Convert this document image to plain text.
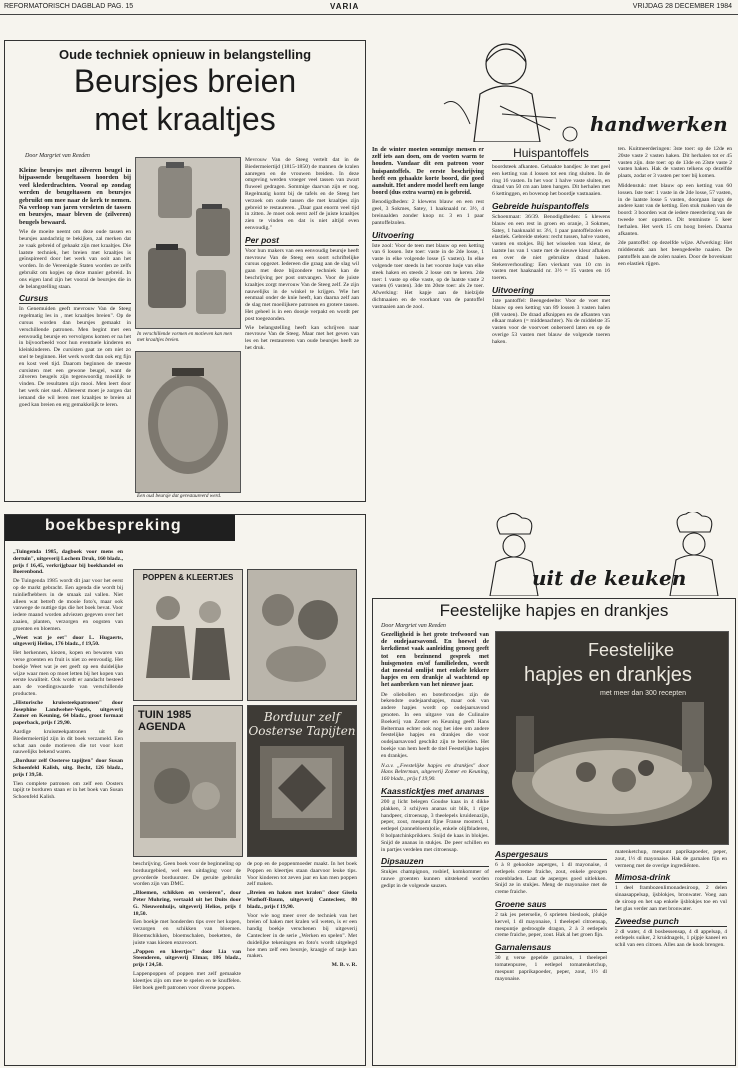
REFORMATORISCH DAGBLAD PAG. 15	VARIA	VRIJDAG 28 DECEMBER 1984
Oude techniek opnieuw in belangstelling
Beursjes breien
met kraaltjes
Door Margriet van Reeden
Kleine beursjes met zilveren beugel in bijpassende beugeltassen hoorden bij veel klederdrachten. Vooral op zondag werden de beugeltassen en beursjes gebruikt om mee naar de kerk te nemen. Na verloop van jaren versleten de tassen en beursjes, maar bleven de (zilveren) beugels bewaard.
Wie de moeite neemt om deze oude tassen en beursjes aandachtig te bekijken, zal merken dat ze vaak gebreid of gehaakt zijn met kraaltjes. Die laatste techniek, het breien met kraaltjes is geïnspireerd door het werk van ooit aan het worden. In de Vereenigde Staten worden ze zelfs gebruikt om kopjes op deze manier gebreid. In ons eigen land zijn het vooral de beursjes die in de belangstelling staan.
Cursus
In Genemuiden geeft mevrouw Van de Steeg regelmatig les in , met kraaltjes breien". Op de cursus worden dan beursjes gemaakt in verschillende patronen. Men begint met een eenvoudig beursje en vervolgens komen er na het in bijvoorbeeld voor hun eventuele kinderen en kleinkinderen. De cursisten gaat ze om niet zo snel te beginnen. Het werk wordt dan ook erg fijn en kost veel tijd. Daarom beginnen de meeste cursisten met een gewone beugel, want de zilveren beugels zijn tegenwoordig moeilijk te vinden. De resultaten zijn mooi. Men leert door het werk niet snel. Allereerst moet je zorgen dat iemand die wil leren met kraaltjes te breien al goed kan breien en erg gemakkelijk te leren.
In verschillende vormen en motieven kan men met kraaltjes breien.
Een oud beursje dat gerestaureerd werd.
Mevrouw Van de Steeg vertelt dat in de Biedermeiertijd (1815-1850) de mannen de kralen aanregen en de vrouwen breiden. In deze omgeving werden vroeger veel tassen van zwart fluweel gedragen. Sommige daarvan zijn er nog. Regelmatig komt bij de tafels en de Steeg het verzoek om oude tassen die met kraaltjes zijn gebreid te restaureren. „Daar gaat enorm veel tijd in zitten. Je moet ook eerst zelf de juiste kraaltjes zien te vinden en dat is niet altijd even eenvoudig."
Per post
Voor hun makers van een eenvoudig beursje heeft mevrouw Van de Steeg een soort schriftelijke cursus opgezet. Iedereen die graag aan de slag wil gaan met deze bijzondere techniek kan de beschrijving per post ontvangen. Voor de juiste kraaltjes zorgt mevrouw Van de Steeg zelf. Ze zijn nauwelijks in de winkel te krijgen. Wie het eenmaal onder de knie heeft, kan daarna zelf aan de slag met moeilijkere patronen en grotere tassen. Het geheel is in een doosje verpakt en wordt per post toegezonden.
Wie belangstelling heeft kan schrijven naar mevrouw Van de Steeg. Maar met het geven van les en het restaureren van oude beursjes heeft ze het druk.
handwerken
In de winter moeten sommige mensen er zelf iets aan doen, om de voeten warm te houden. Vandaar dit een patroon voor huispantoffels. De eerste beschrijving heeft een gehaakte korte boord, die goed aansluit. Het andere model heeft een lange boord (dus extra warm) en is gebreid.
Benodigdheden: 2 klewens blauw en een rest geel, 3 Sokmes, Satey, 1 haaknaald nr. 3½, 4 breinaalden zonder knop nr. 3 en 1 paar pantoffelzolen.
Uitvoering
Iste zool: Voor de teen met blauw op een ketting van 6 lossen. Iste toer: vaste in de 2de losse, 1 vaste in elke volgende losse (5 vasten). In elke volgende toer steeds in het voorste lusje van elke steek haken en steeds 2 losse om te keren. 2de toer: 1 vaste op elke vaste, op de laatste vaste 2 vasten (6 vasten). 3de tm 20ste toer: als 2e toer. Afwerking: Het kapje aan de hielzijde dichtnaaien en de voorkant van de pantoffel vastnaaien aan de zool.
Huispantoffels
boordsteek afkanten. Gehaakte bandjes: Je met geel een ketting van 4 lossen tot een ring sluiten. In de ring 16 vasten. In het voor 1 halve vaste sluiten, en draad van 50 cm aan laten hangen. Dit herhalen met 6 kettinggen, en bovenop het boordje vastnaaien.
Gebreide huispantoffels
Schoenmaat: 36/39. Benodigdheden: 5 klewens blauw en een rest in groen en oranje, 3 Sokmes, Satey, 1 haaknaald nr. 3½, 1 paar pantoffelzolen en elastiek. Gebreide steken: recht tussen, halve vasten, vasten en stokjes. Bij het wisselen van kleur, de laatste lus van 1 vaste met de nieuwe kleur afhaken en over de niet gebruikte draad haken. Stekenverhouding: Een vierkant van 10 cm in vasten met haaknaald nr. 3½ = 15 vasten en 16 toeren.
Uitvoering
1ste pantoffel: Beengedeelte: Voor de voet met blauw op een ketting van 89 lossen 3 vasten halen (88 vasten). De draad afknippen en de afkanten van elkaar maken (= middenachter). Nu de middelste 35 vasten voor de voorvoet onberoerd laten en op de overige 53 vasten met blauw de volgende toeren haken.
ten. Kuitmeerderingen: 3ste toer: op de 12de en 20ste vaste 2 vasten haken. Dit herhalen tot er 45 vasten zijn. 4ste toer: op de 13de en 23ste vaste 2 vasten haken. Hak de vasten telkens op dezelfde plaats, zodat er 3 vasten per toer bij komen.
Middenstuk: met blauw op een ketting van 60 lossen. Iste toer: 1 vaste in de 2de losse, 57 vasten, in de laatste losse 5 vasten, doorgaan langs de andere kant van de ketting. Een stuk maken van de boord: 3 boorden wat de iedere meerdering van de tweede toer opzetten. Dit tenminste 5 keer herhalen. Het werk 15 cm hoog breien. Daarna afkanten.
2de pantoffel: op dezelfde wijze. Afwerking: Het middenstuk aan het beengedeelte naaien. De pantoffels aan de zolen naaien. Door de bovenkant een elastiek rijgen.
boekbespreking
„Tuingenda 1985, dagboek voor mens en dertuin", uitgeverij Lochem Druk, 160 bladz., prijs f 16,45, verkrijgbaar bij boekhandel en Boerenbond.
De Tuingenda 1985 wordt dit jaar voor het eerst op de markt gebracht. Een agenda die wordt bij tuinliefhebbers in de smaak zal vallen. Niet alleen wat betreft de mooie foto's, maar ook vanwege de nuttige tips die het boek bevat. Voor iedere maand worden adviezen gegeven over het zaaien, planten, verzorgen en oogsten van groenten en bloemen.
„Weet wat je eet" door L. Hugaerts, uitgeverij Helios, 176 bladz., f 19,50.
Het herkennen, kiezen, kopen en bewaren van verse groenten en fruit is niet zo eenvoudig. Het boekje Weet wat je eet geeft op een duidelijke wijze waar men op moet letten bij het kopen van eerste kwaliteit. Ook wordt er aandacht besteed aan de voedingswaarde van verschillende producten.
„Historische kruissteekpatronen" door Josephine Landweher-Vogels, uitgeverij Zomer en Keuning, 64 bladz., groot formaat paperback, prijs f 29,90.
Aardige kruissteekpatronen uit de Biedermeiertijd zijn in dit boek verzameld. Een schat aan oude motieven die tot voor kort nauwelijks bekend waren.
„Borduur zelf Oosterse tapijten" door Susan Schoenfeld Kalish, uitg. Becht, 126 bladz., prijs f 39,50.
Tien complete patronen om zelf een Oosters tapijt te borduren staan er in het boek van Susan Schoenfeld Kalish.
POPPEN & KLEERTJES
TUIN 1985 AGENDA
Borduur zelf
Oosterse Tapijten
beschrijving. Geen boek voor de beginneling op borduurgebied, wel een uitdaging voor de gevorderde borduurster. De geruite gebruikt worden zijn van DMC.
„Bloemen, schikken en versieren", door Peter Muhring, vertaald uit het Duits door G. Nieuwenhuijs, uitgeverij Helios, prijs f 18,50.
Een boekje met honderden tips over het kopen, verzorgen en schikken van bloemen. Bloemschikken, bloemschalen, boeketten, de juiste vaas kiezen enzovoort.
„Poppen en kleertjes" door Lia van Steenderen, uitgeverij Elmar, 186 bladz., prijs f 24,50.
Lappenpoppen of poppen met zelf gemaakte kleertjes zijn om mee te spelen en te knuffelen. Het boek geeft patronen voor diverse poppen.
de pop en de poppenmoeder maakt. In het boek Poppen en kleertjes staan daarvoor leuke tips. Voor kinderen tot zeven jaar en kan men poppen zelf maken.
„Breien en haken met kralen" door Gisela Wathoff-Baum, uitgeverij Cantecleer, 80 bladz., prijs f 19,90.
Voor wie nog meer over de techniek van het breien of haken met kralen wil weten, is er een handig boekje verschenen bij uitgeverij Cantecleer in de serie „Werken en spelen". Met duidelijke tekeningen en foto's wordt uitgelegd hoe men zelf een beursje, kraagje of tasje kan maken.
M. B. v. R.
uit de keuken
Feestelijke hapjes en drankjes
Door Margriet van Reeden
Gezelligheid is het grote trefwoord van de oudejaarsavond. En hoewel de kerkdienst vaak aanleiding genoeg geeft tot een bezinnend gesprek met huisgenoten en/of familieleden, wordt dat meestal omlijst met enkele lekkere hapjes en een drankje al wachtend op het aanbreken van het nieuwe jaar.
De oliebollen en boterbroodjes zijn de bekendste oudejaarshapjes, maar ook van andere hapjes wordt op oudejaarsavond genoten. In een uitgave van de Culinaire Boekerij van Zomer en Keuning geeft Hans Belterman echter ook nog het idee om andere feestelijke hapjes en drankjes die voor oudejaarsavond geschikt zijn te bereiden. Het boekje van hem heeft de titel Feestelijke hapjes en drankjes.
N.a.v. „Feestelijke hapjes en drankjes" door Hans Belterman, uitgeverij Zomer en Keuning, 160 bladz., prijs f 19,90.
Kaassticktjes met ananas
200 g licht belegen Goudse kaas in 4 dikke plakken, 3 schijven ananas uit blik, 1 rijpe handpeer, citroensap, 3 theelepels kruidenazijn, peper, zout, mespunt fijne Franse mosterd, 1 eetlepel (zonnebloem)olie, enkele olijfbladeren, 8 bolpatchinkprikkers. Snijd de kaas in blokjes. Snijd de ananas in stukjes. De peer schillen en in partjes verdelen met citroensap.
Dipsauzen
Stukjes champignon, rosbief, komkommer of rauwe groenten kunnen uitstekend worden gedipt in de volgende sauzen.
Feestelijke
hapjes en drankjes
met meer dan 300 recepten
Aspergesaus
6 à 8 gekookte asperges, 1 dl mayonaise, 4 eetlepels creme fraiche, zout, enkele gezogen rozenbladen. Laat de asperges goed uitlekken. Snijd ze in stukjes. Meng de mayonaise met de creme fraiche.
Groene saus
2 tak jes peterselie, 6 sprieten bieslook, plukje kervel, 1 dl mayonaise, 1 theelepel citroensap, mespuntje gedroogde dragon, 2 à 3 eetlepels creme fraiche, peper, zout. Hak al het groen fijn.
Garnalensaus
30 g verse gepelde garnalen, 1 theelepel tomatenpuree, 1 eetlepel tomatenketchup, mespunt paprikapoeder, peper, zout, 1½ dl mayonaise.
matenketchup, mespunt paprikapoeder, peper, zout, 1½ dl mayonaise. Hak de garnalen fijn en vermeng met de overige ingrediënten.
Mimosa-drink
1 deel frambozenlimonadesiroop, 2 delen sinaasappelsap, ijsblokjes, bronwater. Voeg aan de siroop en het sap enkele ijsblokjes toe en vul het glas verder aan met bronwater.
Zweedse punch
2 dl water, 4 dl bosbessensap, 4 dl appelsap, 4 eetlepels suiker, 2 kruidnagels, 1 pijpje kaneel en schil van een citroen. Alles aan de kook brengen.
